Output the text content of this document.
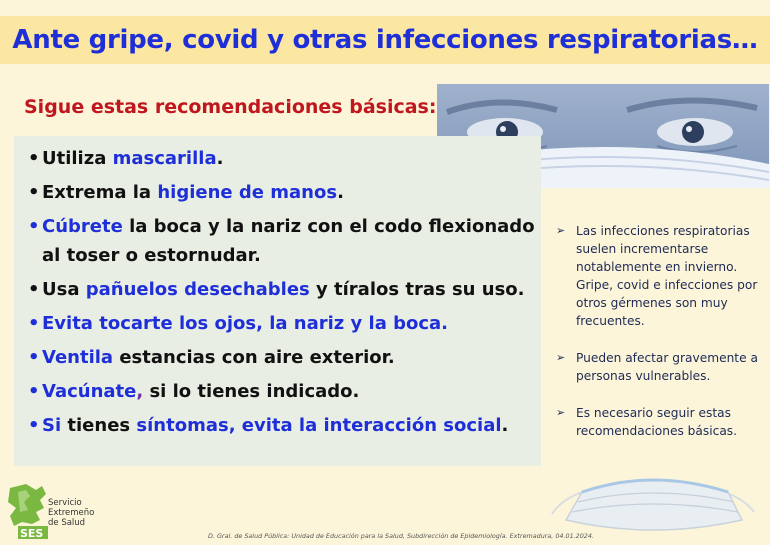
Ante gripe, covid y otras infecciones respiratorias…
Sigue estas recomendaciones básicas:
• Utiliza mascarilla.
• Extrema la higiene de manos.
• Cúbrete la boca y la nariz con el codo flexionado al toser o estornudar.
• Usa pañuelos desechables y tíralos tras su uso.
• Evita tocarte los ojos, la nariz y la boca.
• Ventila estancias con aire exterior.
• Vacúnate, si lo tienes indicado.
• Si tienes síntomas, evita la interacción social.
➢ Las infecciones respiratorias suelen incrementarse notablemente en invierno. Gripe, covid e infecciones por otros gérmenes son muy frecuentes.
➢ Pueden afectar gravemente a personas vulnerables.
➢ Es necesario seguir estas recomendaciones básicas.
SES
Servicio
Extremeño
de Salud
D. Gral. de Salud Pública: Unidad de Educación para la Salud, Subdirección de Epidemiología. Extremadura, 04.01.2024.
